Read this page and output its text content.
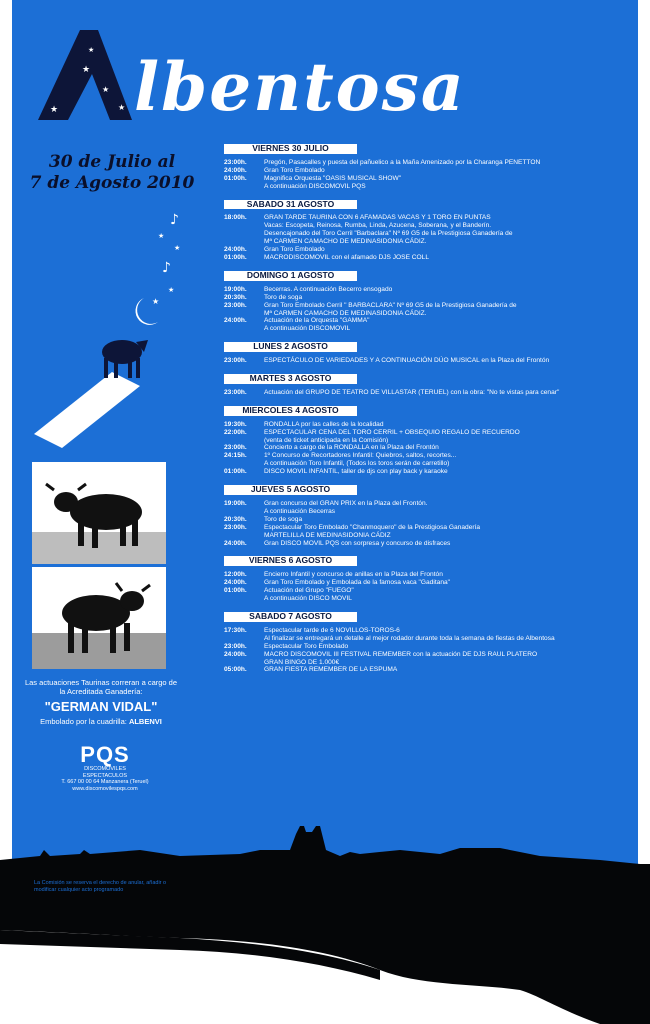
★
★
★	★
★ lbentosa
30 de Julio al
7 de Agosto 2010
♪
★
★
♪
★
★
Las actuaciones Taurinas correran a cargo de la Acreditada Ganadería:
"GERMAN VIDAL"
Embolado por la cuadrilla: ALBENVI
PQS
DISCOMOVILES
ESPECTACULOS
T. 667 00 00 64 Manzanera (Teruel)
www.discomovilespqs.com
VIERNES 30 JULIO
23:00h.	Pregón, Pasacalles y puesta del pañuelico a la Maña Amenizado por la Charanga PENETTON
24:00h.	Gran Toro Embolado
01:00h.	Magnifica Orquesta "OASIS MUSICAL SHOW"
A continuación DISCOMOVIL PQS
SABADO 31 AGOSTO
18:00h.	GRAN TARDE TAURINA CON 6 AFAMADAS VACAS Y 1 TORO EN PUNTAS
Vacas: Escopeta, Reinosa, Rumba, Linda, Azucena, Soberana, y el Banderín.
Desencajonado del Toro Cerril "Barbaclara" Nº 69 G5 de la Prestigiosa Ganadería de
Mª CARMEN CAMACHO DE MEDINASIDONIA CÁDIZ.
24:00h.	Gran Toro Embolado
01:00h.	MACRODISCOMOVIL con el afamado DJS JOSE COLL
DOMINGO 1 AGOSTO
19:00h.	Becerras. A continuación Becerro ensogado
20:30h.	Toro de soga
23:00h.	Gran Toro Embolado Cerril " BARBACLARA" Nº 69 G5 de la Prestigiosa Ganadería de
Mª CARMEN CAMACHO DE MEDINASIDONIA CÁDIZ.
24:00h.	Actuación de la Orquesta "GAMMA"
A continuación DISCOMOVIL
LUNES 2 AGOSTO
23:00h.	ESPECTÁCULO DE VARIEDADES Y A CONTINUACIÓN DÚO MUSICAL en la Plaza del Frontón
MARTES 3 AGOSTO
23:00h.	Actuación del GRUPO DE TEATRO DE VILLASTAR (TERUEL) con la obra: "No te vistas para cenar"
MIERCOLES 4 AGOSTO
19:30h.	RONDALLA por las calles de la localidad
22:00h.	ESPECTACULAR CENA DEL TORO CERRIL + OBSEQUIO REGALO DE RECUERDO
(venta de ticket anticipada en la Comisión)
23:00h.	Concierto a cargo de la RONDALLA en la Plaza del Frontón
24:15h.	1º Concurso de Recortadores Infantil: Quiebros, saltos, recortes...
A continuación Toro Infantil, (Todos los toros serán de carretillo)
01:00h.	DISCO MOVIL INFANTIL, taller de djs con play back y karaoke
JUEVES 5 AGOSTO
19:00h.	Gran concurso del GRAN PRIX en la Plaza del Frontón.
A continuación Becerras
20:30h.	Toro de soga
23:00h.	Espectacular Toro Embolado "Chanmoquero" de la Prestigiosa Ganadería
MARTELILLA DE MEDINASIDONIA CÁDIZ
24:00h.	Gran DISCO MOVIL PQS con sorpresa y concurso de disfraces
VIERNES 6 AGOSTO
12:00h.	Encierro Infantil y concurso de anillas en la Plaza del Frontón
24:00h.	Gran Toro Embolado y Embolada de la famosa vaca "Gaditana"
01:00h.	Actuación del Grupo "FUEGO"
A continuación DISCO MOVIL
SABADO 7 AGOSTO
17:30h.	Espectacular tarde de 6 NOVILLOS-TOROS-6
Al finalizar se entregará un detalle al mejor rodador durante toda la semana de fiestas de Albentosa
23:00h.	Espectacular Toro Embolado
24:00h.	MACRO DISCOMOVIL III FESTIVAL REMEMBER con la actuación DE DJS RAUL PLATERO
GRAN BINGO DE 1.000€
05:00h.	GRAN FIESTA REMEMBER DE LA ESPUMA
La Comisión se reserva el derecho de anular, añadir o modificar cualquier acto programado
